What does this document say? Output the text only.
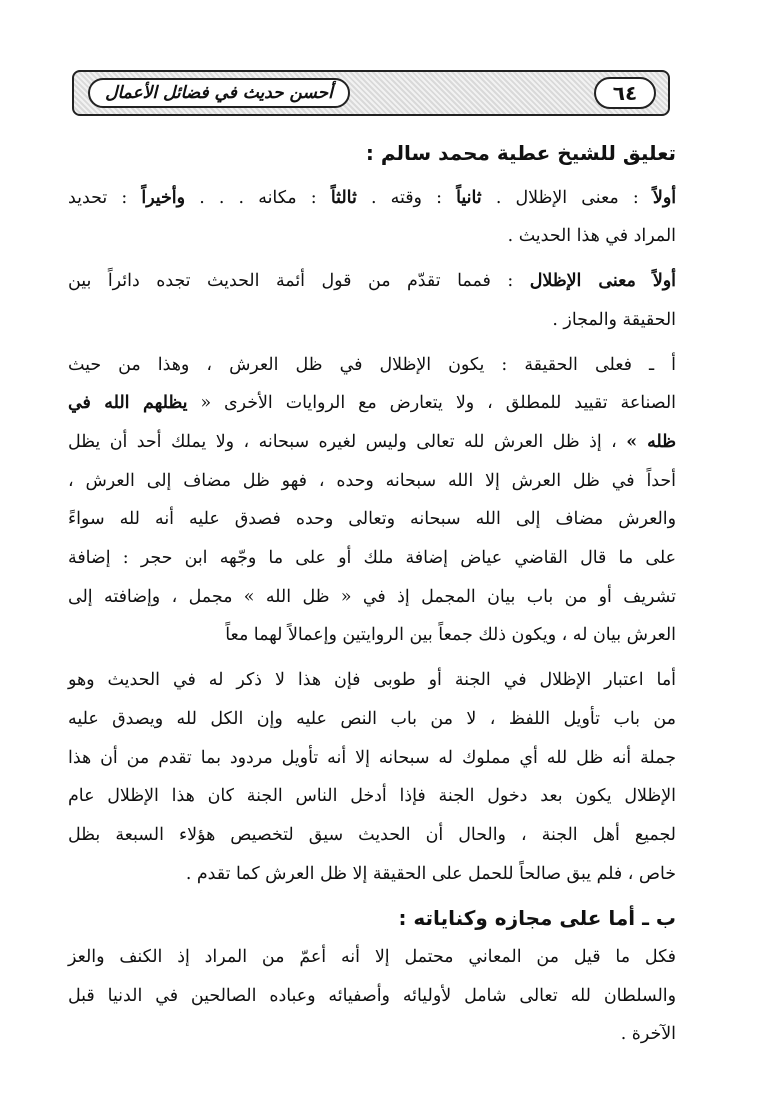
أحسن حديث في فضائل الأعمال	٦٤
تعليق للشيخ عطية محمد سالم :
أولاً : معنى الإظلال . ثانياً : وقته . ثالثاً : مكانه . . . وأخيراً : تحديد
المراد في هذا الحديث .
أولاً معنى الإظلال : فمما تقدّم من قول أئمة الحديث تجده دائراً بين
الحقيقة والمجاز .
أ ـ فعلى الحقيقة : يكون الإظلال في ظل العرش ، وهذا من حيث
الصناعة تقييد للمطلق ، ولا يتعارض مع الروايات الأخرى « يظلهم الله في
ظله » ، إذ ظل العرش لله تعالى وليس لغيره سبحانه ، ولا يملك أحد أن يظل
أحداً في ظل العرش إلا الله سبحانه وحده ، فهو ظل مضاف إلى العرش ،
والعرش مضاف إلى الله سبحانه وتعالى وحده فصدق عليه أنه لله سواءً
على ما قال القاضي عياض إضافة ملك أو على ما وجّهه ابن حجر : إضافة
تشريف أو من باب بيان المجمل إذ في « ظل الله » مجمل ، وإضافته إلى
العرش بيان له ، ويكون ذلك جمعاً بين الروايتين وإعمالاً لهما معاً
أما اعتبار الإظلال في الجنة أو طوبى فإن هذا لا ذكر له في الحديث وهو
من باب تأويل اللفظ ، لا من باب النص عليه وإن الكل لله ويصدق عليه
جملة أنه ظل لله أي مملوك له سبحانه إلا أنه تأويل مردود بما تقدم من أن هذا
الإظلال يكون بعد دخول الجنة فإذا أدخل الناس الجنة كان هذا الإظلال عام
لجميع أهل الجنة ، والحال أن الحديث سيق لتخصيص هؤلاء السبعة بظل
خاص ، فلم يبق صالحاً للحمل على الحقيقة إلا ظل العرش كما تقدم .
ب ـ أما على مجازه وكناياته :
فكل ما قيل من المعاني محتمل إلا أنه أعمّ من المراد إذ الكنف والعز
والسلطان لله تعالى شامل لأوليائه وأصفيائه وعباده الصالحين في الدنيا قبل
الآخرة .
